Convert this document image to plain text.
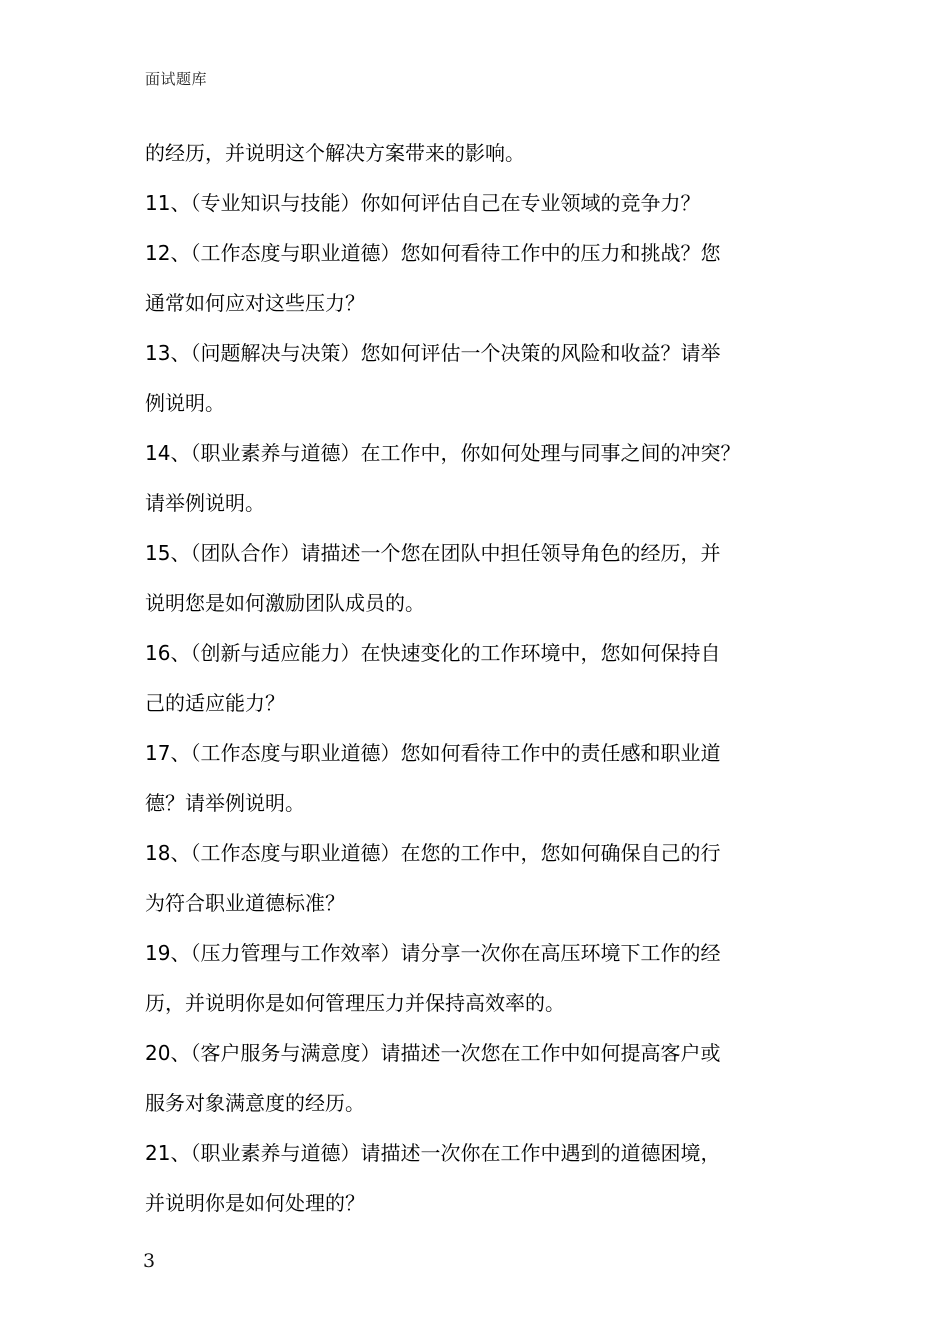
面试题库
的经历，并说明这个解决方案带来的影响。
11、（专业知识与技能）你如何评估自己在专业领域的竞争力？
12、（工作态度与职业道德）您如何看待工作中的压力和挑战？您
通常如何应对这些压力？
13、（问题解决与决策）您如何评估一个决策的风险和收益？请举
例说明。
14、（职业素养与道德）在工作中，你如何处理与同事之间的冲突？
请举例说明。
15、（团队合作）请描述一个您在团队中担任领导角色的经历，并
说明您是如何激励团队成员的。
16、（创新与适应能力）在快速变化的工作环境中，您如何保持自
己的适应能力？
17、（工作态度与职业道德）您如何看待工作中的责任感和职业道
德？请举例说明。
18、（工作态度与职业道德）在您的工作中，您如何确保自己的行
为符合职业道德标准？
19、（压力管理与工作效率）请分享一次你在高压环境下工作的经
历，并说明你是如何管理压力并保持高效率的。
20、（客户服务与满意度）请描述一次您在工作中如何提高客户或
服务对象满意度的经历。
21、（职业素养与道德）请描述一次你在工作中遇到的道德困境，
并说明你是如何处理的？
3
